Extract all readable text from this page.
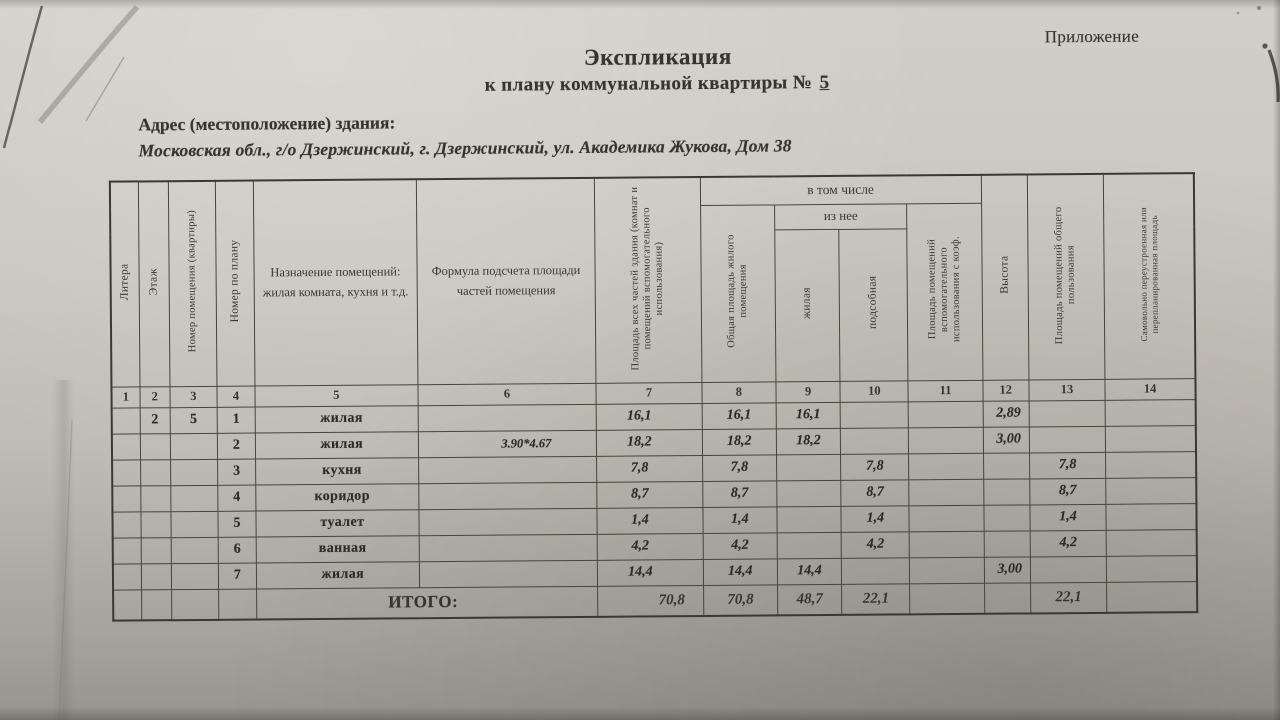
Приложение
Экспликация
к плану коммунальной квартиры № 5
Адрес (местоположение) здания:
Московская обл., г/о Дзержинский, г. Дзержинский, ул. Академика Жукова, Дом 38
Литера	Этаж	Номер помещения (квартиры)	Номер по плану	Назначение помещений: жилая комната, кухня и т.д.	Формула подсчета площади частей помещения	Площадь всех частей здания (комнат и помещений вспомогательного использования)	в том числе				Высота	Площадь помещений общего пользования	Самовольно переустроенная или перепланированная площадь
							Общая площадь жилого помещения	из нее		Площадь помещений вспомогательного использования с коэф.			
								жилая	подсобная				
1	2	3	4	5	6	7	8	9	10	11	12	13	14
	2	5	1	жилая		16,1	16,1	16,1			2,89		
			2	жилая	3.90*4.67	18,2	18,2	18,2			3,00		
			3	кухня		7,8	7,8		7,8			7,8	
			4	коридор		8,7	8,7		8,7			8,7	
			5	туалет		1,4	1,4		1,4			1,4	
			6	ванная		4,2	4,2		4,2			4,2	
			7	жилая		14,4	14,4	14,4			3,00		
				ИТОГО:		70,8	70,8	48,7	22,1			22,1	
